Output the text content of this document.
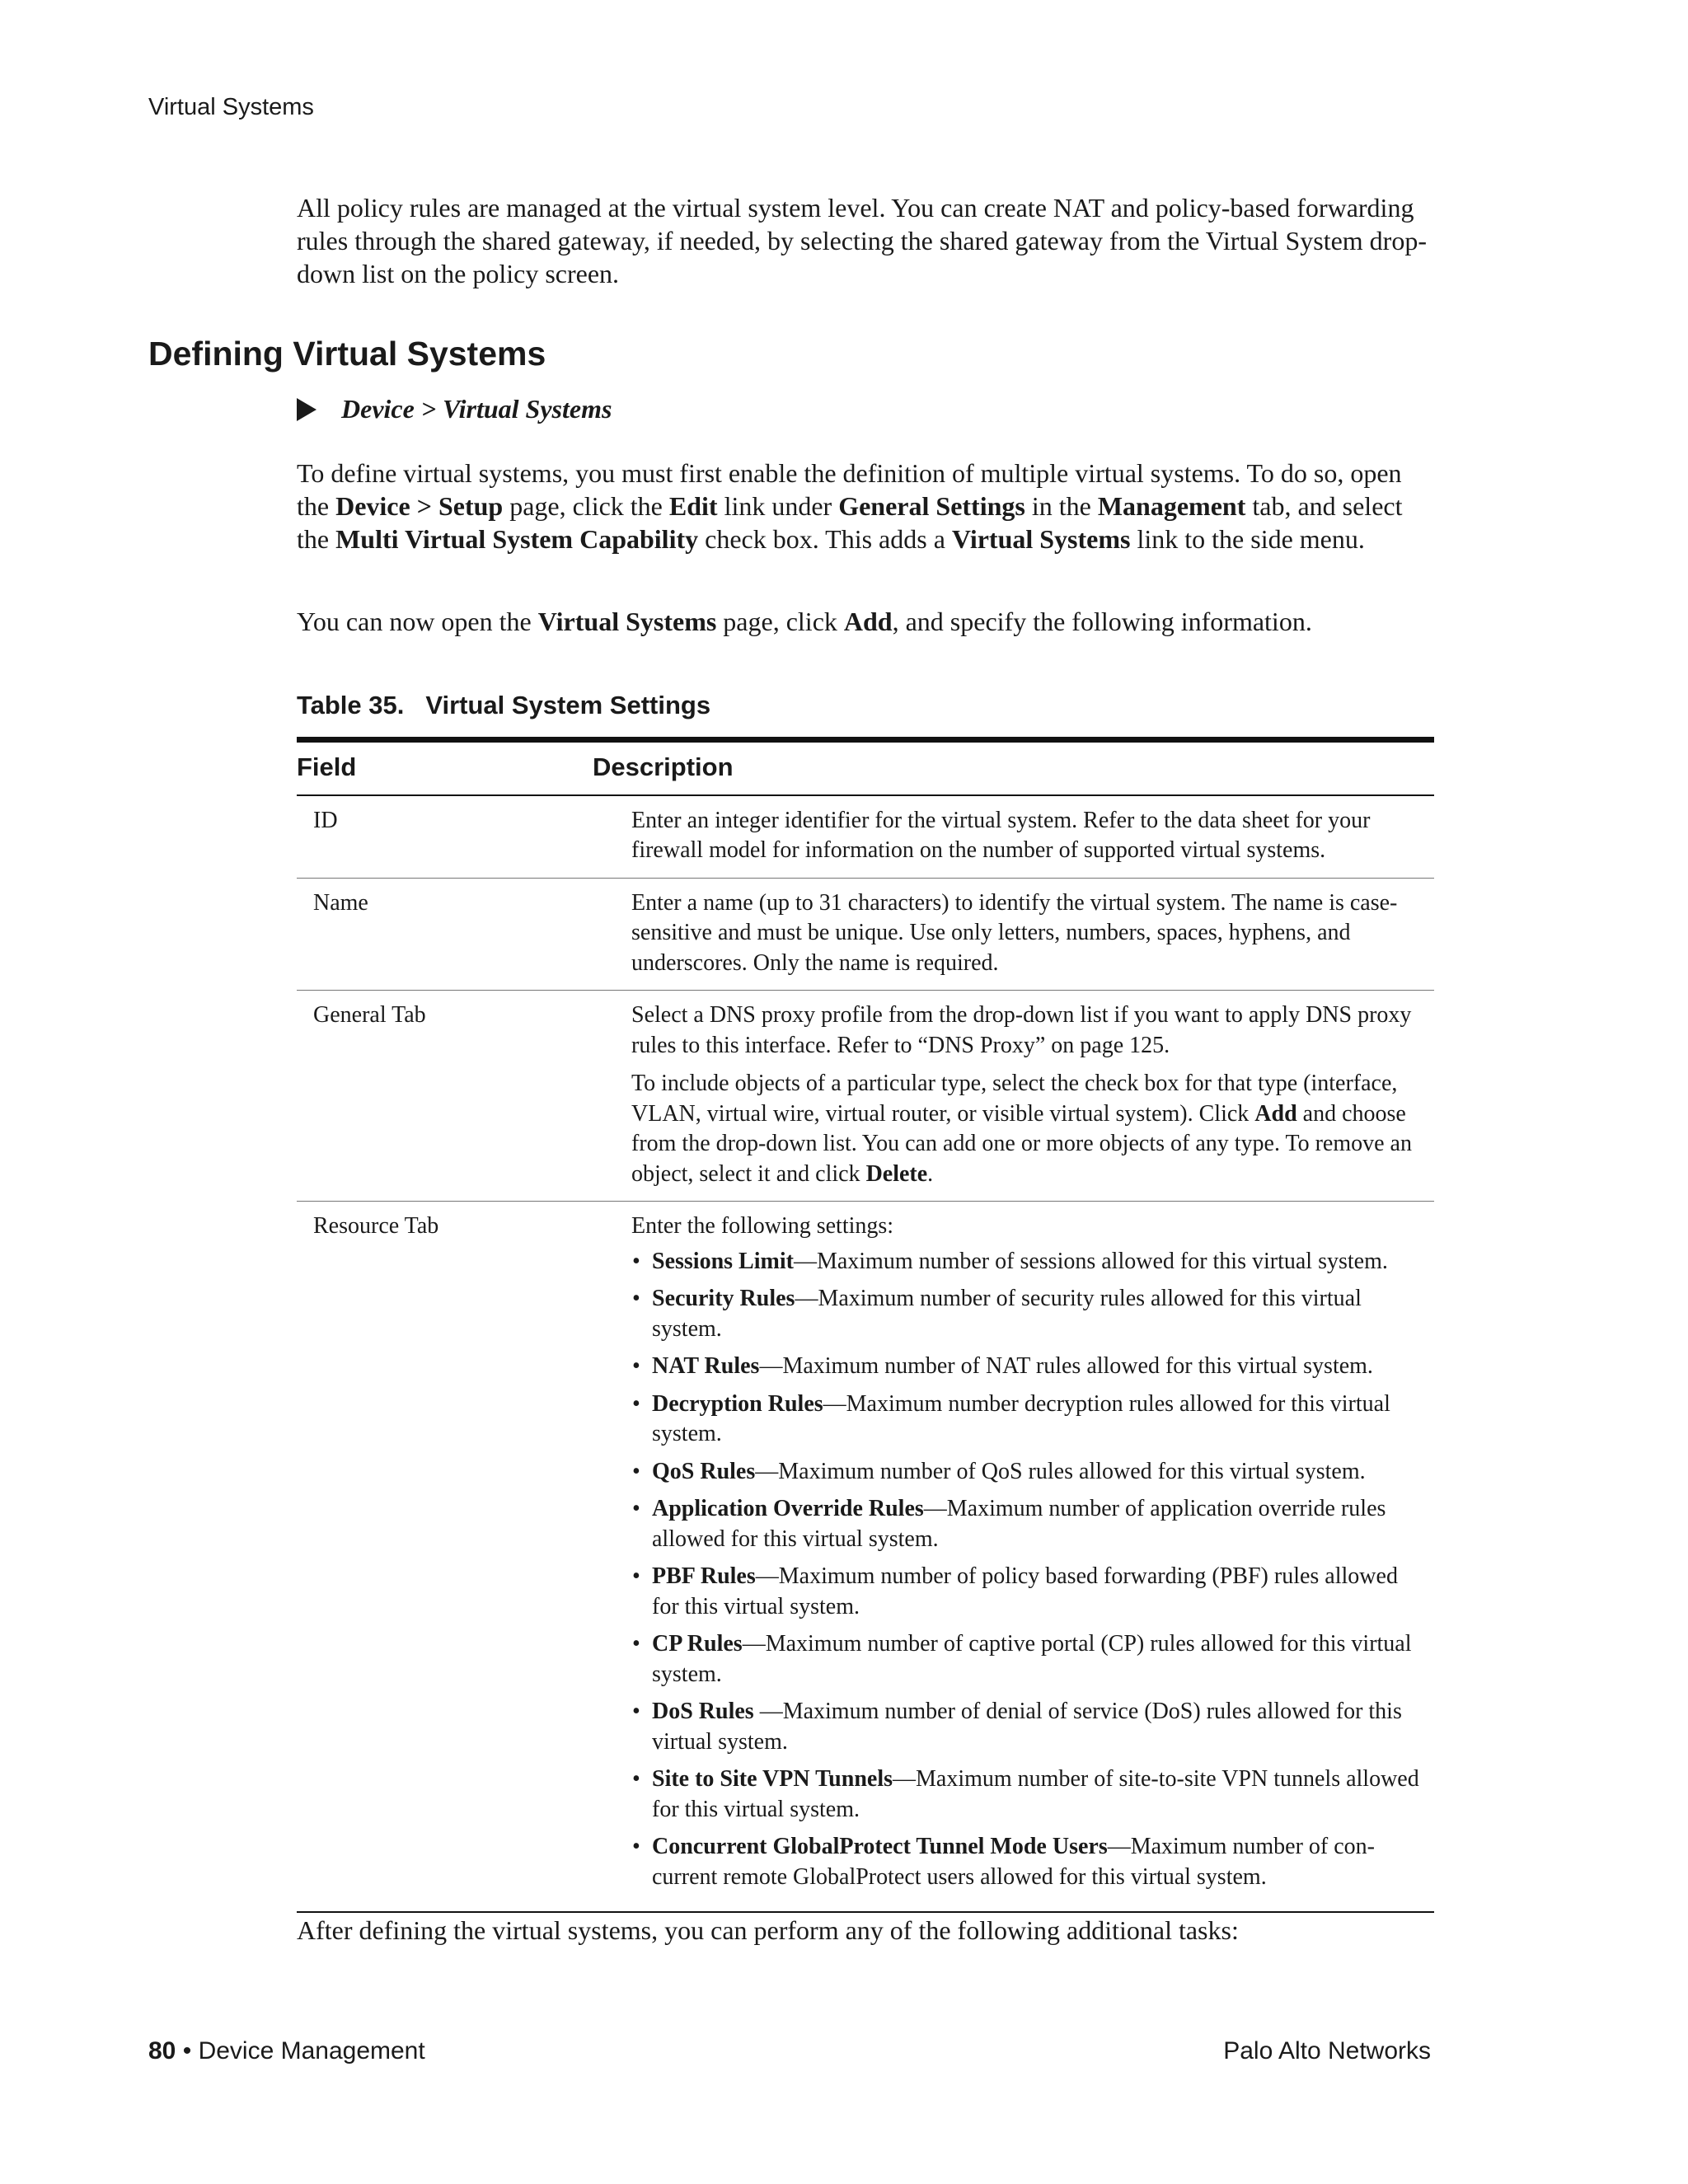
Virtual Systems

All policy rules are managed at the virtual system level. You can create NAT and policy-based forwarding rules through the shared gateway, if needed, by selecting the shared gateway from the Virtual System drop-down list on the policy screen.

Defining Virtual Systems
Device > Virtual Systems

To define virtual systems, you must first enable the definition of multiple virtual systems. To do so, open the Device > Setup page, click the Edit link under General Settings in the Management tab, and select the Multi Virtual System Capability check box. This adds a Virtual Systems link to the side menu.

You can now open the Virtual Systems page, click Add, and specify the following information.

Table 35. Virtual System Settings

Field	Description
ID	Enter an integer identifier for the virtual system. Refer to the data sheet for your firewall model for information on the number of supported virtual systems.
Name	Enter a name (up to 31 characters) to identify the virtual system. The name is case-sensitive and must be unique. Use only letters, numbers, spaces, hyphens, and underscores. Only the name is required.
General Tab	Select a DNS proxy profile from the drop-down list if you want to apply DNS proxy rules to this interface. Refer to “DNS Proxy” on page 125.

To include objects of a particular type, select the check box for that type (interface, VLAN, virtual wire, virtual router, or visible virtual system). Click Add and choose from the drop-down list. You can add one or more objects of any type. To remove an object, select it and click Delete.

Resource Tab	Enter the following settings:

• Sessions Limit—Maximum number of sessions allowed for this virtual system.
• Security Rules—Maximum number of security rules allowed for this virtual system.
• NAT Rules—Maximum number of NAT rules allowed for this virtual system.
• Decryption Rules—Maximum number decryption rules allowed for this virtual system.
• QoS Rules—Maximum number of QoS rules allowed for this virtual system.
• Application Override Rules—Maximum number of application override rules allowed for this virtual system.
• PBF Rules—Maximum number of policy based forwarding (PBF) rules allowed for this virtual system.
• CP Rules—Maximum number of captive portal (CP) rules allowed for this virtual system.
• DoS Rules —Maximum number of denial of service (DoS) rules allowed for this virtual system.
• Site to Site VPN Tunnels—Maximum number of site-to-site VPN tunnels allowed for this virtual system.
• Concurrent GlobalProtect Tunnel Mode Users—Maximum number of con-current remote GlobalProtect users allowed for this virtual system.

After defining the virtual systems, you can perform any of the following additional tasks:

80 • Device Management	Palo Alto Networks
